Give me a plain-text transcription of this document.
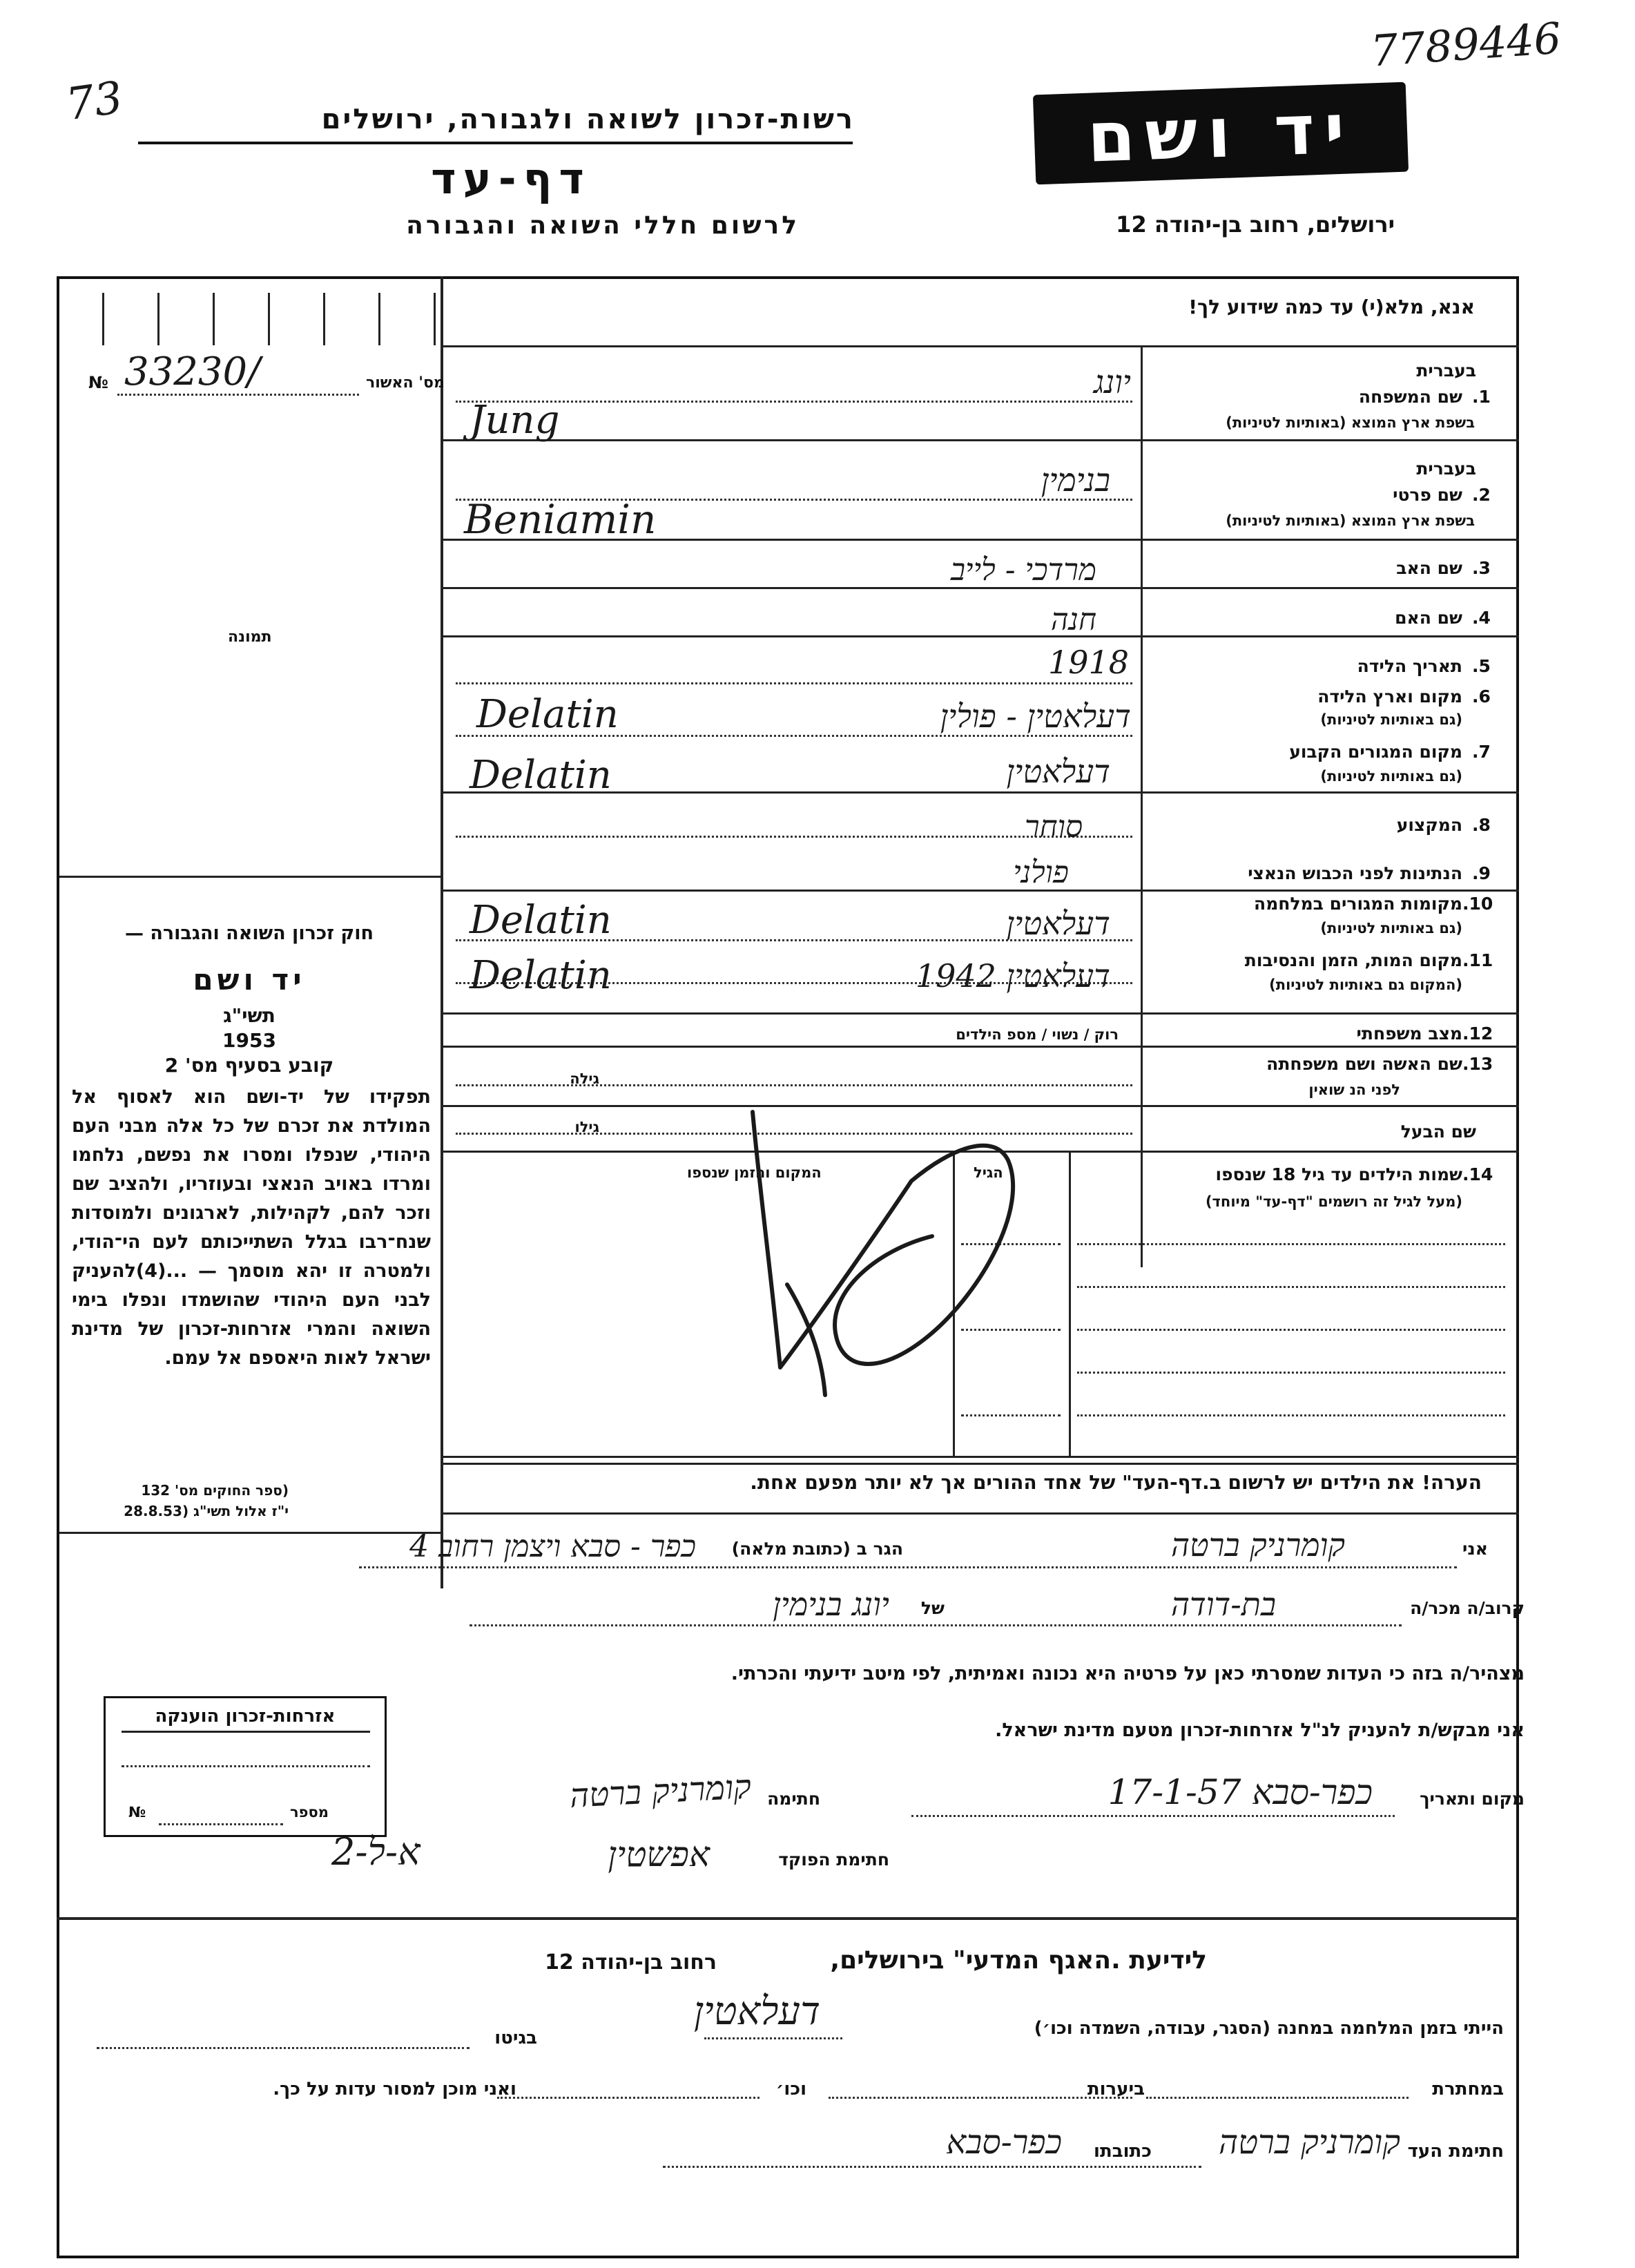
7789446
73	רשות-זכרון לשואה ולגבורה, ירושלים
דף-עד
לרשום חללי השואה והגבורה
יד ושם
ירושלים, רחוב בן-יהודה 12
אנא, מלא(י) עד כמה שידוע לך!
№ 33230/	מס' האשור
תמונה
בעברית
1.
שם המשפחה
בשפת ארץ המוצא (באותיות לטיניות)
בעברית
2.
שם פרטי
בשפת ארץ המוצא (באותיות לטיניות)
3.
שם האב
4.
שם האם
5.
תאריך הלידה
6.
מקום וארץ הלידה
(גם באותיות לטיניות)
7.
מקום המגורים הקבוע
(גם באותיות לטיניות)
8.
המקצוע
9.
הנתינות לפני הכבוש הנאצי
10.
מקומות המגורים במלחמה
(גם באותיות לטיניות)
11.
מקום המות, הזמן והנסיבות
(המקום גם באותיות לטיניות)
12.
מצב משפחתי
רוק / נשוי / מספ הילדים
13.
שם האשה ושם משפחתה
לפני הנ שואין
גילה
שם הבעל
גילו
יונג
Jung
בנימין
Beniamin
מרדכי - לייב
חנה
1918
דעלאטין - פולין
Delatin
דעלאטין
Delatin
סוחר
פולני
דעלאטין
Delatin
דעלאטין 1942
Delatin
14.
שמות הילדים עד גיל 18 שנספו
(מעל לגיל זה רושמים "דף-עד" מיוחד)
הגיל
המקום והזמן שנספו
חוק זכרון השואה והגבורה —
יד ושם
תשי"ג
1953
קובע בסעיף מס' 2
תפקידו של יד-ושם הוא לאסוף אל המולדת את זכרם של כל אלה מבני העם היהודי, שנפלו ומסרו את נפשם, נלחמו ומרדו באויב הנאצי ובעוזריו, ולהציב שם וזכר להם, לקהילות, לארגונים ולמוסדות שנח־רבו בגלל השתייכותם לעם הי־הודי, ולמטרה זו יהא מוסמך — ...(4)להעניק לבני העם היהודי שהושמדו ונפלו בימי השואה והמרי אזרחות-זכרון של מדינת ישראל לאות היאספם אל עמם.
(ספר החוקים מס' 132
י"ז אלול תשי"ג (28.8.53
הערה! את הילדים יש לרשום ב.דף-העד" של אחד ההורים אך לא יותר מפעם אחת.
אני
קומרניק ברטה
הגר ב (כתובת מלאה)
כפר - סבא ויצמן רחוב 4
קרוב/ה מכר/ה
בת-דודה
של
יונג בנימין
מצהיר/ה בזה כי העדות שמסרתי כאן על פרטיה היא נכונה ואמיתית, לפי מיטב ידיעתי והכרתי.
אני מבקש/ת להעניק לנ"ל אזרחות-זכרון מטעם מדינת ישראל.
מקום ותאריך
כפר-סבא 17-1-57
חתימה
קומרניק ברטה
חתימת הפוקד
אפשטין
א-ל-2
אזרחות-זכרון הוענקה
מספר
№
לידיעת .האגף המדעי" בירושלים,
רחוב בן-יהודה 12
הייתי בזמן המלחמה במחנה (הסגר, עבודה, השמדה וכו׳)
דעלאטין
בגיטו
במחתרת
ביערות
וכו׳
ואני מוכן למסור עדות על כך.
חתימת העד
קומרניק ברטה
כתובתו
כפר-סבא
